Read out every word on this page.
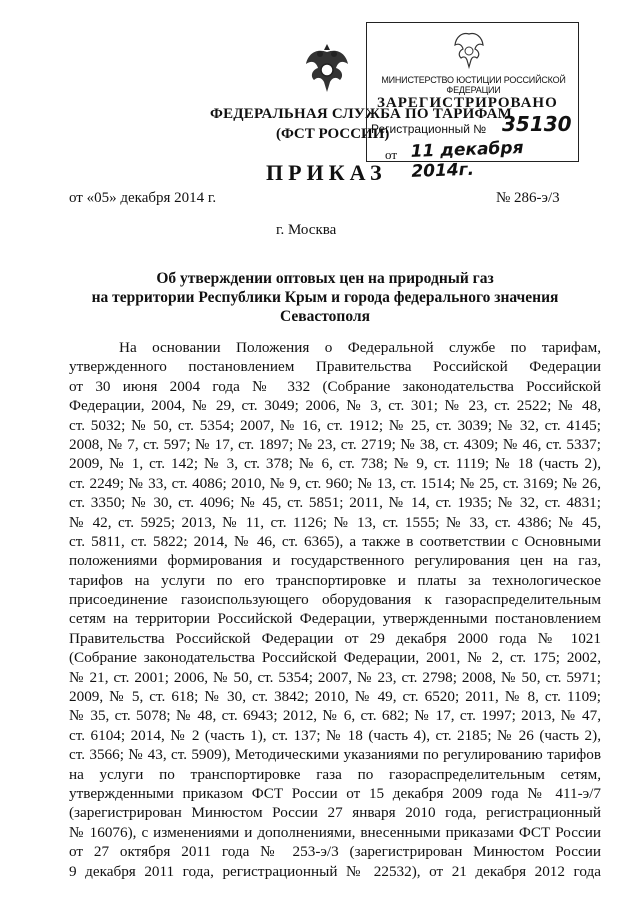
ФЕДЕРАЛЬНАЯ СЛУЖБА ПО ТАРИФАМ
(ФСТ РОССИИ)
МИНИСТЕРСТВО ЮСТИЦИИ РОССИЙСКОЙ ФЕДЕРАЦИИ
ЗАРЕГИСТРИРОВАНО
Регистрационный № 35130
от 11 декабря 2014г.
ПРИКАЗ
от «05» декабря 2014 г.	№ 286-э/3
г. Москва
Об утверждении оптовых цен на природный газ
на территории Республики Крым и города федерального значения
Севастополя
На основании Положения о Федеральной службе по тарифам,
утвержденного постановлением Правительства Российской Федерации
от 30 июня 2004 года № 332 (Собрание законодательства Российской
Федерации, 2004, № 29, ст. 3049; 2006, № 3, ст. 301; № 23, ст. 2522; № 48,
ст. 5032; № 50, ст. 5354; 2007, № 16, ст. 1912; № 25, ст. 3039; № 32, ст. 4145;
2008, № 7, ст. 597; № 17, ст. 1897; № 23, ст. 2719; № 38, ст. 4309; № 46, ст. 5337;
2009, № 1, ст. 142; № 3, ст. 378; № 6, ст. 738; № 9, ст. 1119; № 18 (часть 2),
ст. 2249; № 33, ст. 4086; 2010, № 9, ст. 960; № 13, ст. 1514; № 25, ст. 3169; № 26,
ст. 3350; № 30, ст. 4096; № 45, ст. 5851; 2011, № 14, ст. 1935; № 32, ст. 4831;
№ 42, ст. 5925; 2013, № 11, ст. 1126; № 13, ст. 1555; № 33, ст. 4386; № 45,
ст. 5811, ст. 5822; 2014, № 46, ст. 6365), а также в соответствии с Основными
положениями формирования и государственного регулирования цен на газ,
тарифов на услуги по его транспортировке и платы за технологическое
присоединение газоиспользующего оборудования к газораспределительным
сетям на территории Российской Федерации, утвержденными постановлением
Правительства Российской Федерации от 29 декабря 2000 года № 1021
(Собрание законодательства Российской Федерации, 2001, № 2, ст. 175; 2002,
№ 21, ст. 2001; 2006, № 50, ст. 5354; 2007, № 23, ст. 2798; 2008, № 50, ст. 5971;
2009, № 5, ст. 618; № 30, ст. 3842; 2010, № 49, ст. 6520; 2011, № 8, ст. 1109;
№ 35, ст. 5078; № 48, ст. 6943; 2012, № 6, ст. 682; № 17, ст. 1997; 2013, № 47,
ст. 6104; 2014, № 2 (часть 1), ст. 137; № 18 (часть 4), ст. 2185; № 26 (часть 2),
ст. 3566; № 43, ст. 5909), Методическими указаниями по регулированию тарифов
на услуги по транспортировке газа по газораспределительным сетям,
утвержденными приказом ФСТ России от 15 декабря 2009 года № 411-э/7
(зарегистрирован Минюстом России 27 января 2010 года, регистрационный
№ 16076), с изменениями и дополнениями, внесенными приказами ФСТ России
от 27 октября 2011 года № 253-э/3 (зарегистрирован Минюстом России
9 декабря 2011 года, регистрационный № 22532), от 21 декабря 2012 года
